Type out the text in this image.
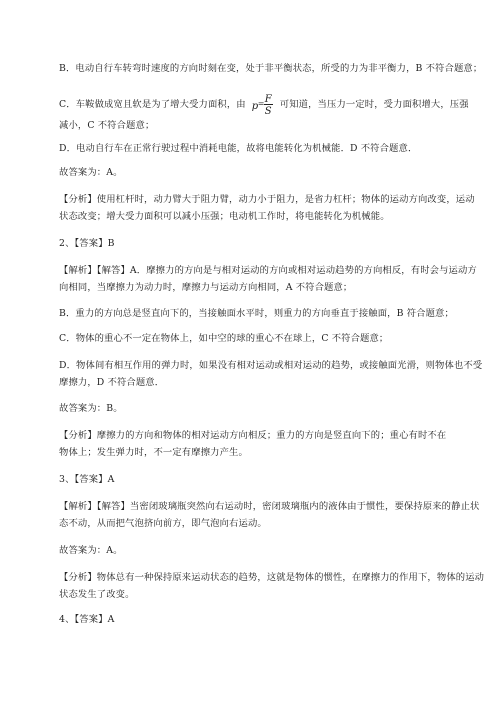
B．电动自行车转弯时速度的方向时刻在变，处于非平衡状态，所受的力为非平衡力，B 不符合题意；
C．车鞍做成宽且软是为了增大受力面积，由 p = F
S
可知道，当压力一定时，受力面积增大，压强
减小，C 不符合题意；
D．电动自行车在正常行驶过程中消耗电能，故将电能转化为机械能．D 不符合题意．
故答案为：A。
【分析】使用杠杆时，动力臂大于阻力臂，动力小于阻力，是省力杠杆；物体的运动方向改变，运动
状态改变；增大受力面积可以减小压强；电动机工作时，将电能转化为机械能。
2、【答案】B
【解析】【解答】A．摩擦力的方向是与相对运动的方向或相对运动趋势的方向相反，有时会与运动方
向相同，当摩擦力为动力时，摩擦力与运动方向相同，A 不符合题意；
B．重力的方向总是竖直向下的，当接触面水平时，则重力的方向垂直于接触面，B 符合题意；
C．物体的重心不一定在物体上，如中空的球的重心不在球上，C 不符合题意；
D．物体间有相互作用的弹力时，如果没有相对运动或相对运动的趋势，或接触面光滑，则物体也不受
摩擦力，D 不符合题意．
故答案为：B。
【分析】摩擦力的方向和物体的相对运动方向相反；重力的方向是竖直向下的；重心有时不在
物体上；发生弹力时，不一定有摩擦力产生。
3、【答案】A
【解析】【解答】当密闭玻璃瓶突然向右运动时，密闭玻璃瓶内的液体由于惯性，要保持原来的静止状
态不动，从而把气泡挤向前方，即气泡向右运动。
故答案为：A。
【分析】物体总有一种保持原来运动状态的趋势，这就是物体的惯性，在摩擦力的作用下，物体的运动
状态发生了改变。
4、【答案】A
